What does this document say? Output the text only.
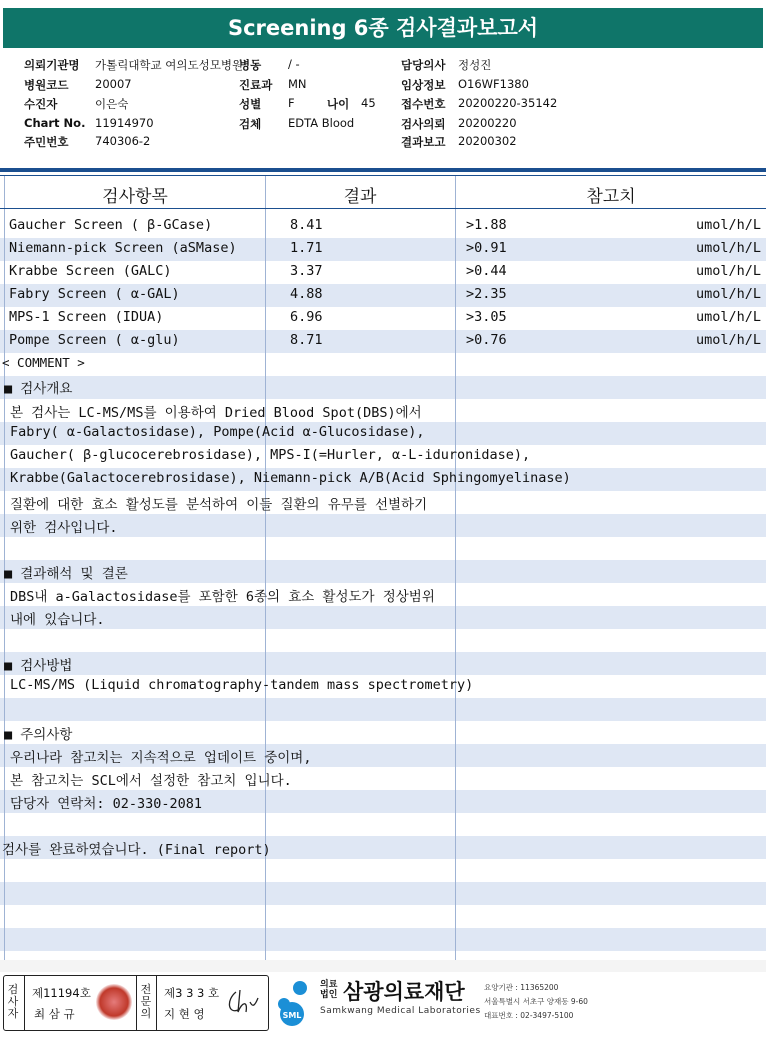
Screening 6종 검사결과보고서
의뢰기관명 가톨릭대학교 여의도성모병원
병동 / -	담당의사 정성진
병원코드 20007	진료과 MN	임상정보 O16WF1380
수진자	이은숙	성별 F	나이 45 접수번호 20200220-35142
Chart No. 11914970	검체 EDTA Blood	검사의뢰 20200220
주민번호 740306-2	결과보고 20200302
검사항목	결과	참고치
Gaucher Screen ( β-GCase)	8.41	>1.88	umol/h/L
Niemann-pick Screen (aSMase)	1.71	>0.91	umol/h/L
Krabbe Screen (GALC)	3.37	>0.44	umol/h/L
Fabry Screen ( α-GAL)	4.88	>2.35	umol/h/L
MPS-1 Screen (IDUA)	6.96	>3.05	umol/h/L
Pompe Screen ( α-glu)	8.71	>0.76	umol/h/L
< COMMENT >
■ 검사개요
본 검사는 LC-MS/MS를 이용하여 Dried Blood Spot(DBS)에서
Fabry( α-Galactosidase), Pompe(Acid α-Glucosidase),
Gaucher( β-glucocerebrosidase), MPS-I(=Hurler, α-L-iduronidase),
Krabbe(Galactocerebrosidase), Niemann-pick A/B(Acid Sphingomyelinase)
질환에 대한 효소 활성도를 분석하여 이들 질환의 유무를 선별하기
위한 검사입니다.
■ 결과해석 및 결론
DBS내 a-Galactosidase를 포함한 6종의 효소 활성도가 정상범위
내에 있습니다.
■ 검사방법
LC-MS/MS (Liquid chromatography-tandem mass spectrometry)
■ 주의사항
우리나라 참고치는 지속적으로 업데이트 중이며,
본 참고치는 SCL에서 설정한 참고치 입니다.
담당자 연락처: 02-330-2081
검사를 완료하였습니다. (Final report)
검사자
제11194호
최 삼 규
전문의
제3 3 3 호
지 현 영	SML
의료법인 삼광의료재단
Samkwang Medical Laboratories
요양기관 : 11365200
서울특별시 서초구 양재동 9-60
대표번호 : 02-3497-5100
